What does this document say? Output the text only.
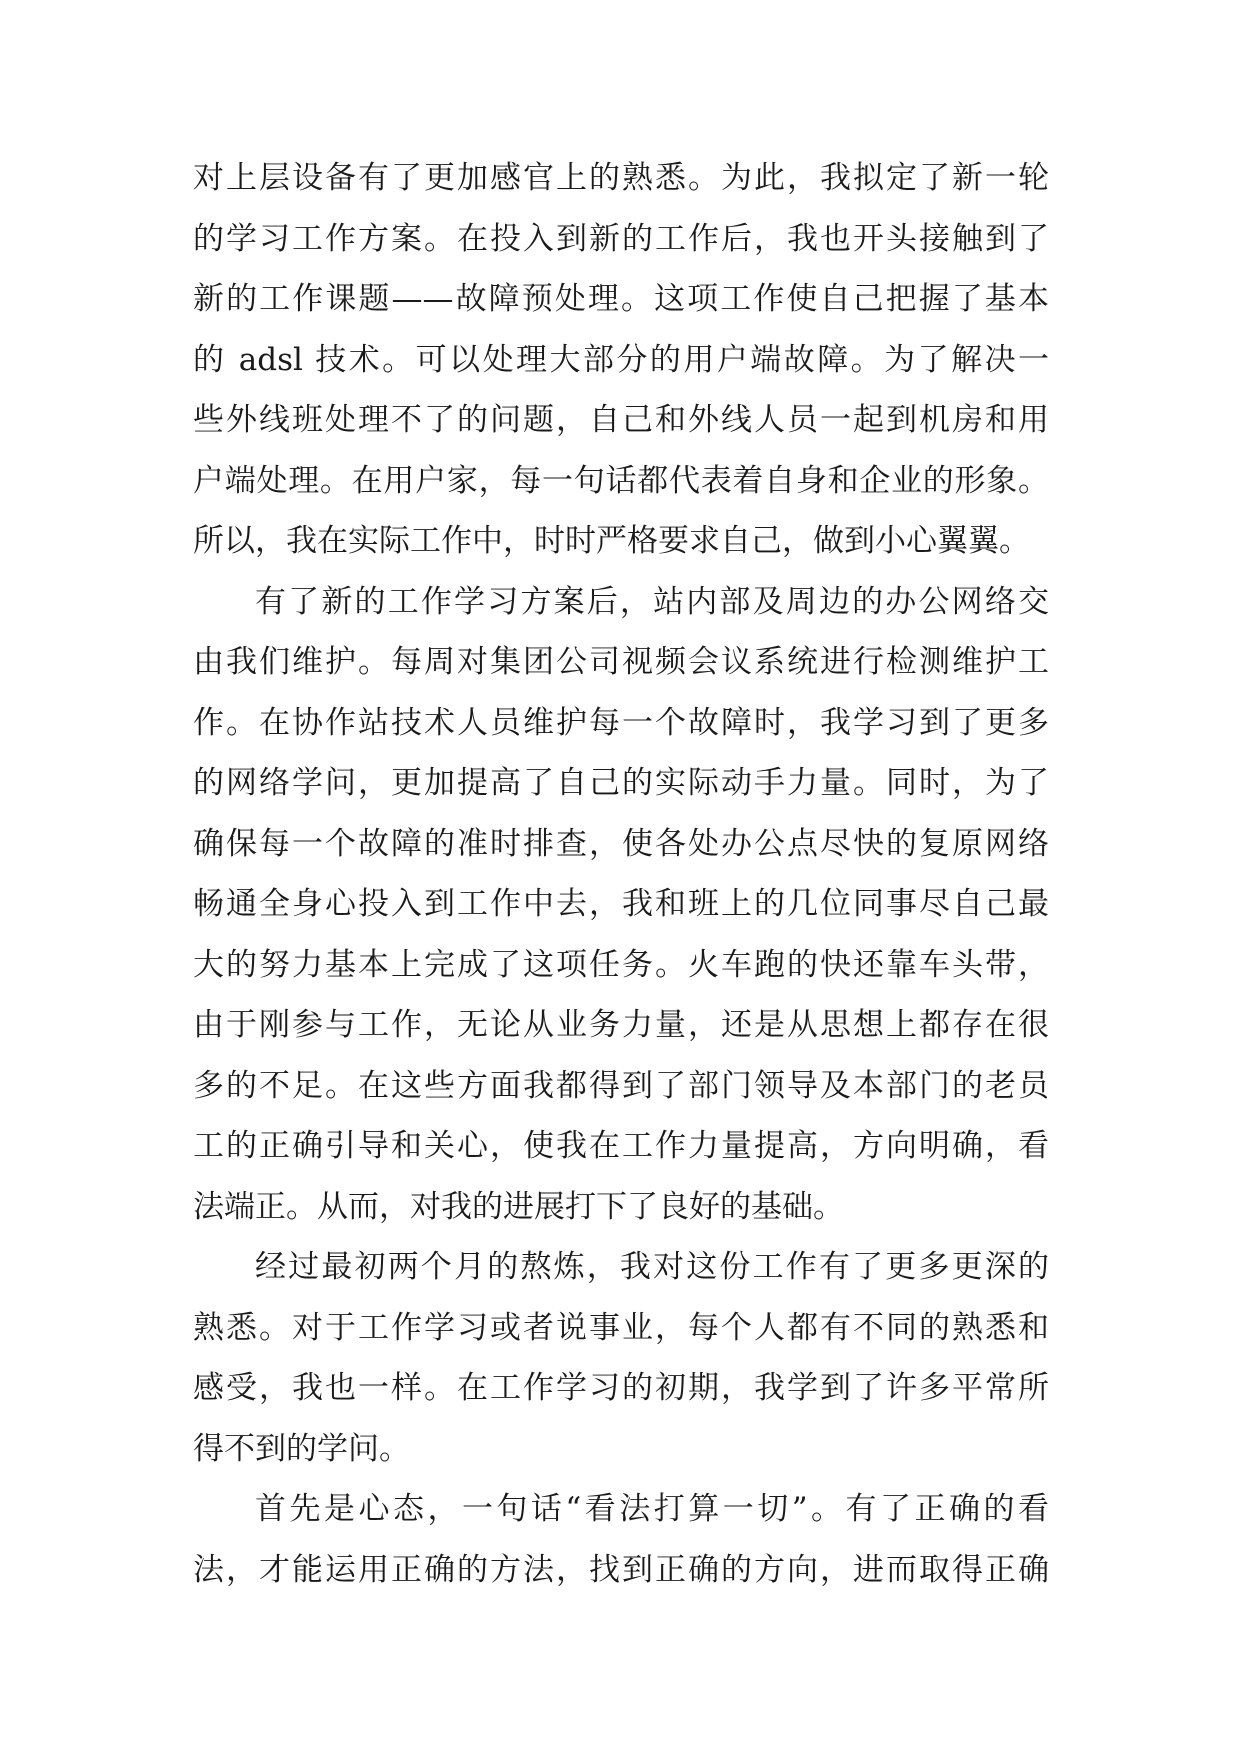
对上层设备有了更加感官上的熟悉。为此，我拟定了新一轮
的学习工作方案。在投入到新的工作后，我也开头接触到了
新的工作课题——故障预处理。这项工作使自己把握了基本
的 adsl 技术。可以处理大部分的用户端故障。为了解决一
些外线班处理不了的问题，自己和外线人员一起到机房和用
户端处理。在用户家，每一句话都代表着自身和企业的形象。
所以，我在实际工作中，时时严格要求自己，做到小心翼翼。
有了新的工作学习方案后，站内部及周边的办公网络交
由我们维护。每周对集团公司视频会议系统进行检测维护工
作。在协作站技术人员维护每一个故障时，我学习到了更多
的网络学问，更加提高了自己的实际动手力量。同时，为了
确保每一个故障的准时排查，使各处办公点尽快的复原网络
畅通全身心投入到工作中去，我和班上的几位同事尽自己最
大的努力基本上完成了这项任务。火车跑的快还靠车头带，
由于刚参与工作，无论从业务力量，还是从思想上都存在很
多的不足。在这些方面我都得到了部门领导及本部门的老员
工的正确引导和关心，使我在工作力量提高，方向明确，看
法端正。从而，对我的进展打下了良好的基础。
经过最初两个月的熬炼，我对这份工作有了更多更深的
熟悉。对于工作学习或者说事业，每个人都有不同的熟悉和
感受，我也一样。在工作学习的初期，我学到了许多平常所
得不到的学问。
首先是心态，一句话“看法打算一切”。有了正确的看
法，才能运用正确的方法，找到正确的方向，进而取得正确
